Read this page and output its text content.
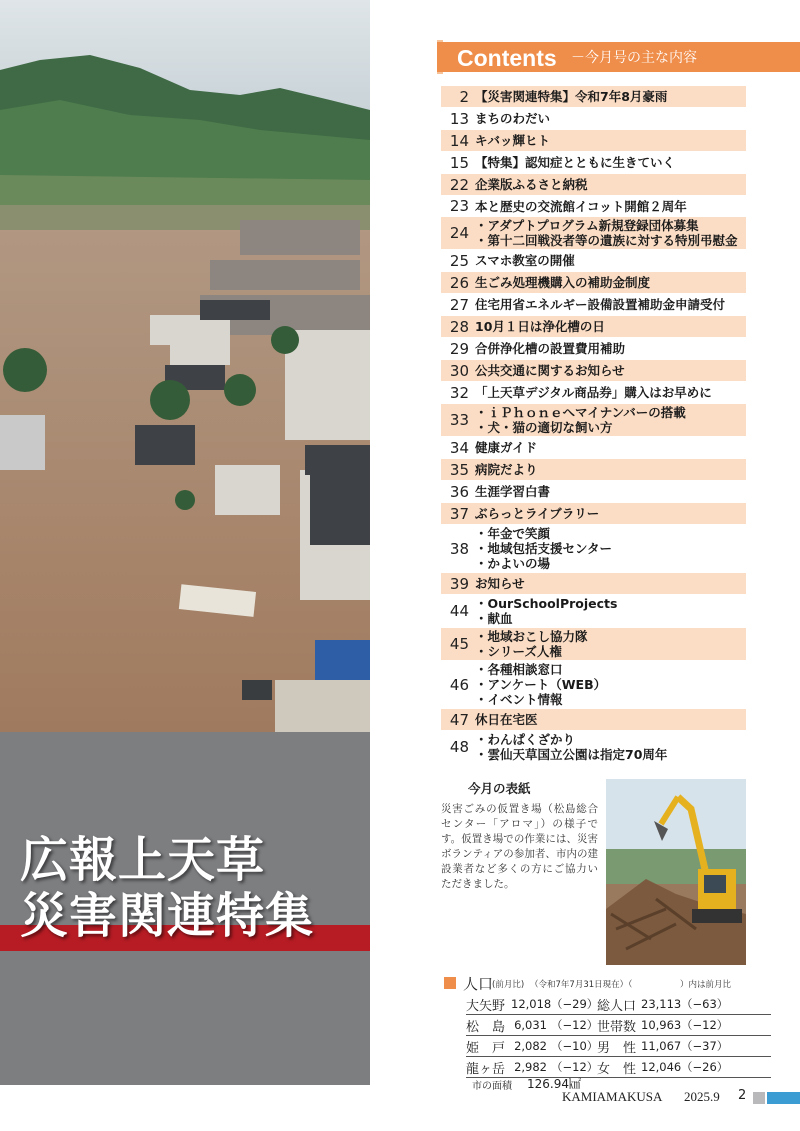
広報上天草
災害関連特集
Contents －今月号の主な内容
2 【災害関連特集】令和7年8月豪雨
13 まちのわだい
14 キバッ輝ヒト
15 【特集】認知症とともに生きていく
22 企業版ふるさと納税
23 本と歴史の交流館イコット開館２周年
24 ・アダプトプログラム新規登録団体募集
・第十二回戦没者等の遺族に対する特別弔慰金
25 スマホ教室の開催
26 生ごみ処理機購入の補助金制度
27 住宅用省エネルギー設備設置補助金申請受付
28 10月１日は浄化槽の日
29 合併浄化槽の設置費用補助
30 公共交通に関するお知らせ
32 「上天草デジタル商品券」購入はお早めに
33 ・ｉＰｈｏｎｅへマイナンバーの搭載
・犬・猫の適切な飼い方
34 健康ガイド
35 病院だより
36 生涯学習白書
37 ぶらっとライブラリー
38
・年金で笑顔
・地域包括支援センター
・かよいの場
39 お知らせ
44 ・OurSchoolProjects
・献血
45 ・地域おこし協力隊
・シリーズ人権
46
・各種相談窓口
・アンケート（WEB）
・イベント情報
47 休日在宅医
48 ・わんぱくざかり
・雲仙天草国立公園は指定70周年
今月の表紙
災害ごみの仮置き場（松島総合センター「アロマ」）の様子です。仮置き場での作業には、災害ボランティアの参加者、市内の建設業者など多くの方にご協力いただきました。
人口
(前月比) （令和7年7月31日現在）（	）内は前月比
大矢野 12,018 （−29）
総人口 23,113 （−63）
松　島 6,031 （−12）
世帯数 10,963 （−12）
姫　戸 2,082 （−10）
男　性 11,067 （−37）
龍ヶ岳 2,982 （−12）
女　性 12,046 （−26）
市の面積 126.94㎢
KAMIAMAKUSA 2025.9 2
